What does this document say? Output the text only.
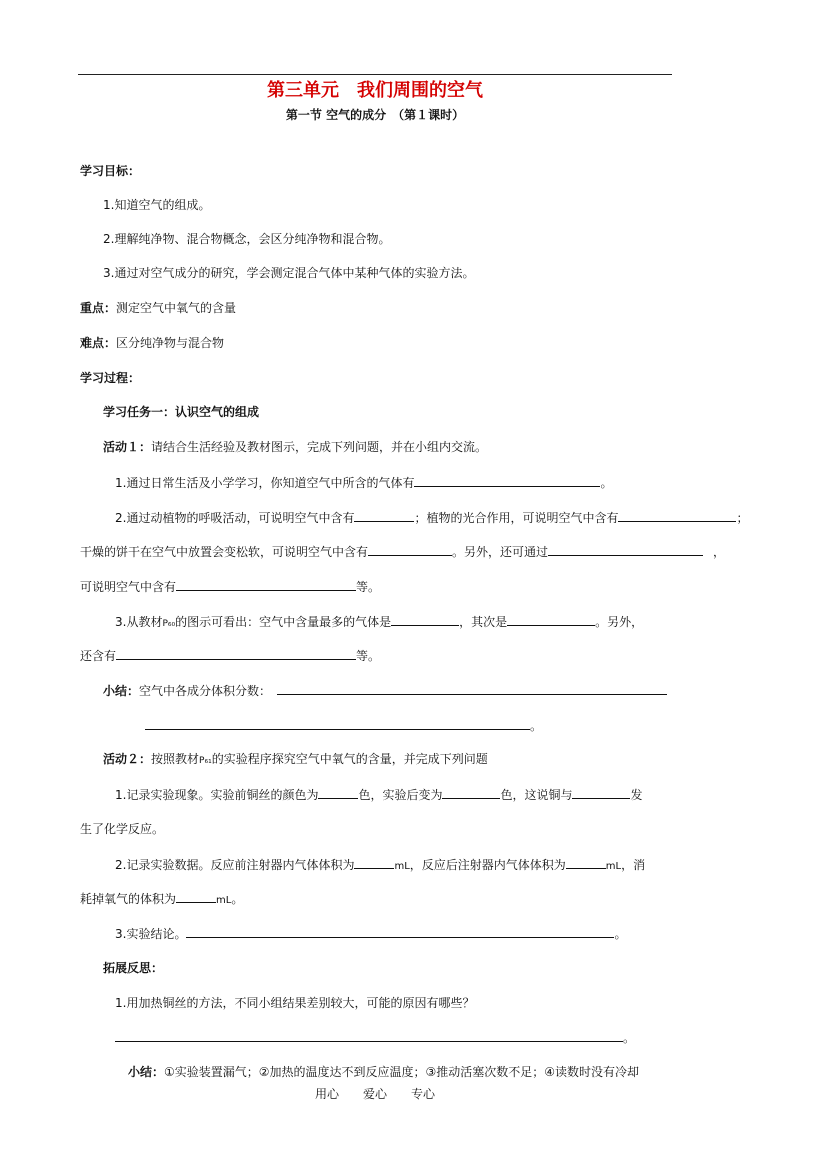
第三单元　我们周围的空气
第一节 空气的成分　（第１课时）
学习目标：
1.知道空气的组成。
2.理解纯净物、混合物概念，会区分纯净物和混合物。
3.通过对空气成分的研究，学会测定混合气体中某种气体的实验方法。
重点：测定空气中氧气的含量
难点：区分纯净物与混合物
学习过程：
学习任务一：认识空气的组成
活动１：请结合生活经验及教材图示，完成下列问题，并在小组内交流。
1.通过日常生活及小学学习，你知道空气中所含的气体有	。
2.通过动植物的呼吸活动，可说明空气中含有	；植物的光合作用，可说明空气中含有	；
干燥的饼干在空气中放置会变松软，可说明空气中含有	。另外，还可通过	，
可说明空气中含有	等。
3.从教材P₆₀的图示可看出：空气中含量最多的气体是	，其次是	。另外，
还含有	等。
小结：空气中各成分体积分数：
。
活动２：按照教材P₆₁的实验程序探究空气中氧气的含量，并完成下列问题
1.记录实验现象。实验前铜丝的颜色为	色，实验后变为	色，这说铜与	发
生了化学反应。
2.记录实验数据。反应前注射器内气体体积为	mL，反应后注射器内气体体积为	mL，消
耗掉氧气的体积为	mL。
3.实验结论。	。
拓展反思：
1.用加热铜丝的方法，不同小组结果差别较大，可能的原因有哪些？
。
小结：①实验装置漏气；②加热的温度达不到反应温度；③推动活塞次数不足；④读数时没有冷却
用心　　爱心　　专心
